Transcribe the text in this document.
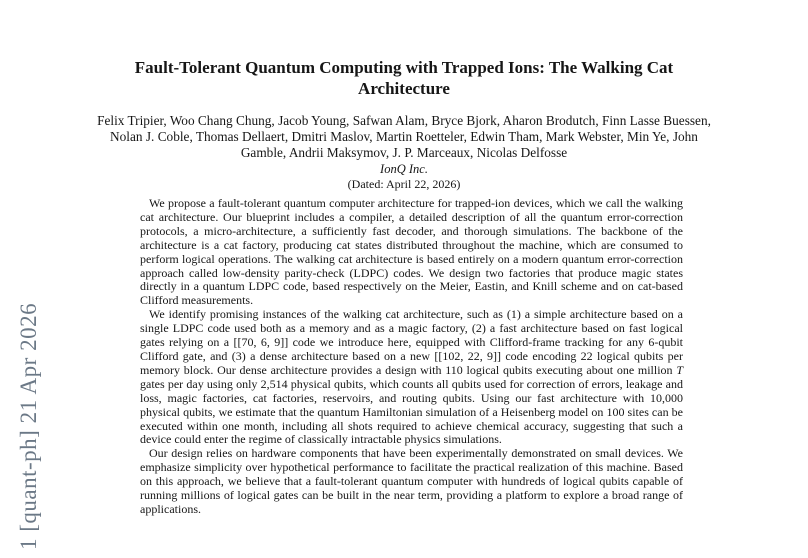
1 [quant-ph] 21 Apr 2026
Fault-Tolerant Quantum Computing with Trapped Ions: The Walking Cat
Architecture
Felix Tripier, Woo Chang Chung, Jacob Young, Safwan Alam, Bryce Bjork, Aharon Brodutch, Finn Lasse Buessen, Nolan J. Coble, Thomas Dellaert, Dmitri Maslov, Martin Roetteler, Edwin Tham, Mark Webster, Min Ye, John Gamble, Andrii Maksymov, J. P. Marceaux, Nicolas Delfosse
IonQ Inc.
(Dated: April 22, 2026)

We propose a fault-tolerant quantum computer architecture for trapped-ion devices, which we call the walking cat architecture. Our blueprint includes a compiler, a detailed description of all the quantum error-correction protocols, a micro-architecture, a sufficiently fast decoder, and thorough simulations. The backbone of the architecture is a cat factory, producing cat states distributed throughout the machine, which are consumed to perform logical operations. The walking cat architecture is based entirely on a modern quantum error-correction approach called low-density parity-check (LDPC) codes. We design two factories that produce magic states directly in a quantum LDPC code, based respectively on the Meier, Eastin, and Knill scheme and on cat-based Clifford measurements.

We identify promising instances of the walking cat architecture, such as (1) a simple architecture based on a single LDPC code used both as a memory and as a magic factory, (2) a fast architecture based on fast logical gates relying on a [[70, 6, 9]] code we introduce here, equipped with Clifford-frame tracking for any 6-qubit Clifford gate, and (3) a dense architecture based on a new [[102, 22, 9]] code encoding 22 logical qubits per memory block. Our dense architecture provides a design with 110 logical qubits executing about one million T gates per day using only 2,514 physical qubits, which counts all qubits used for correction of errors, leakage and loss, magic factories, cat factories, reservoirs, and routing qubits. Using our fast architecture with 10,000 physical qubits, we estimate that the quantum Hamiltonian simulation of a Heisenberg model on 100 sites can be executed within one month, including all shots required to achieve chemical accuracy, suggesting that such a device could enter the regime of classically intractable physics simulations.

Our design relies on hardware components that have been experimentally demonstrated on small devices. We emphasize simplicity over hypothetical performance to facilitate the practical realization of this machine. Based on this approach, we believe that a fault-tolerant quantum computer with hundreds of logical qubits capable of running millions of logical gates can be built in the near term, providing a platform to explore a broad range of applications.
